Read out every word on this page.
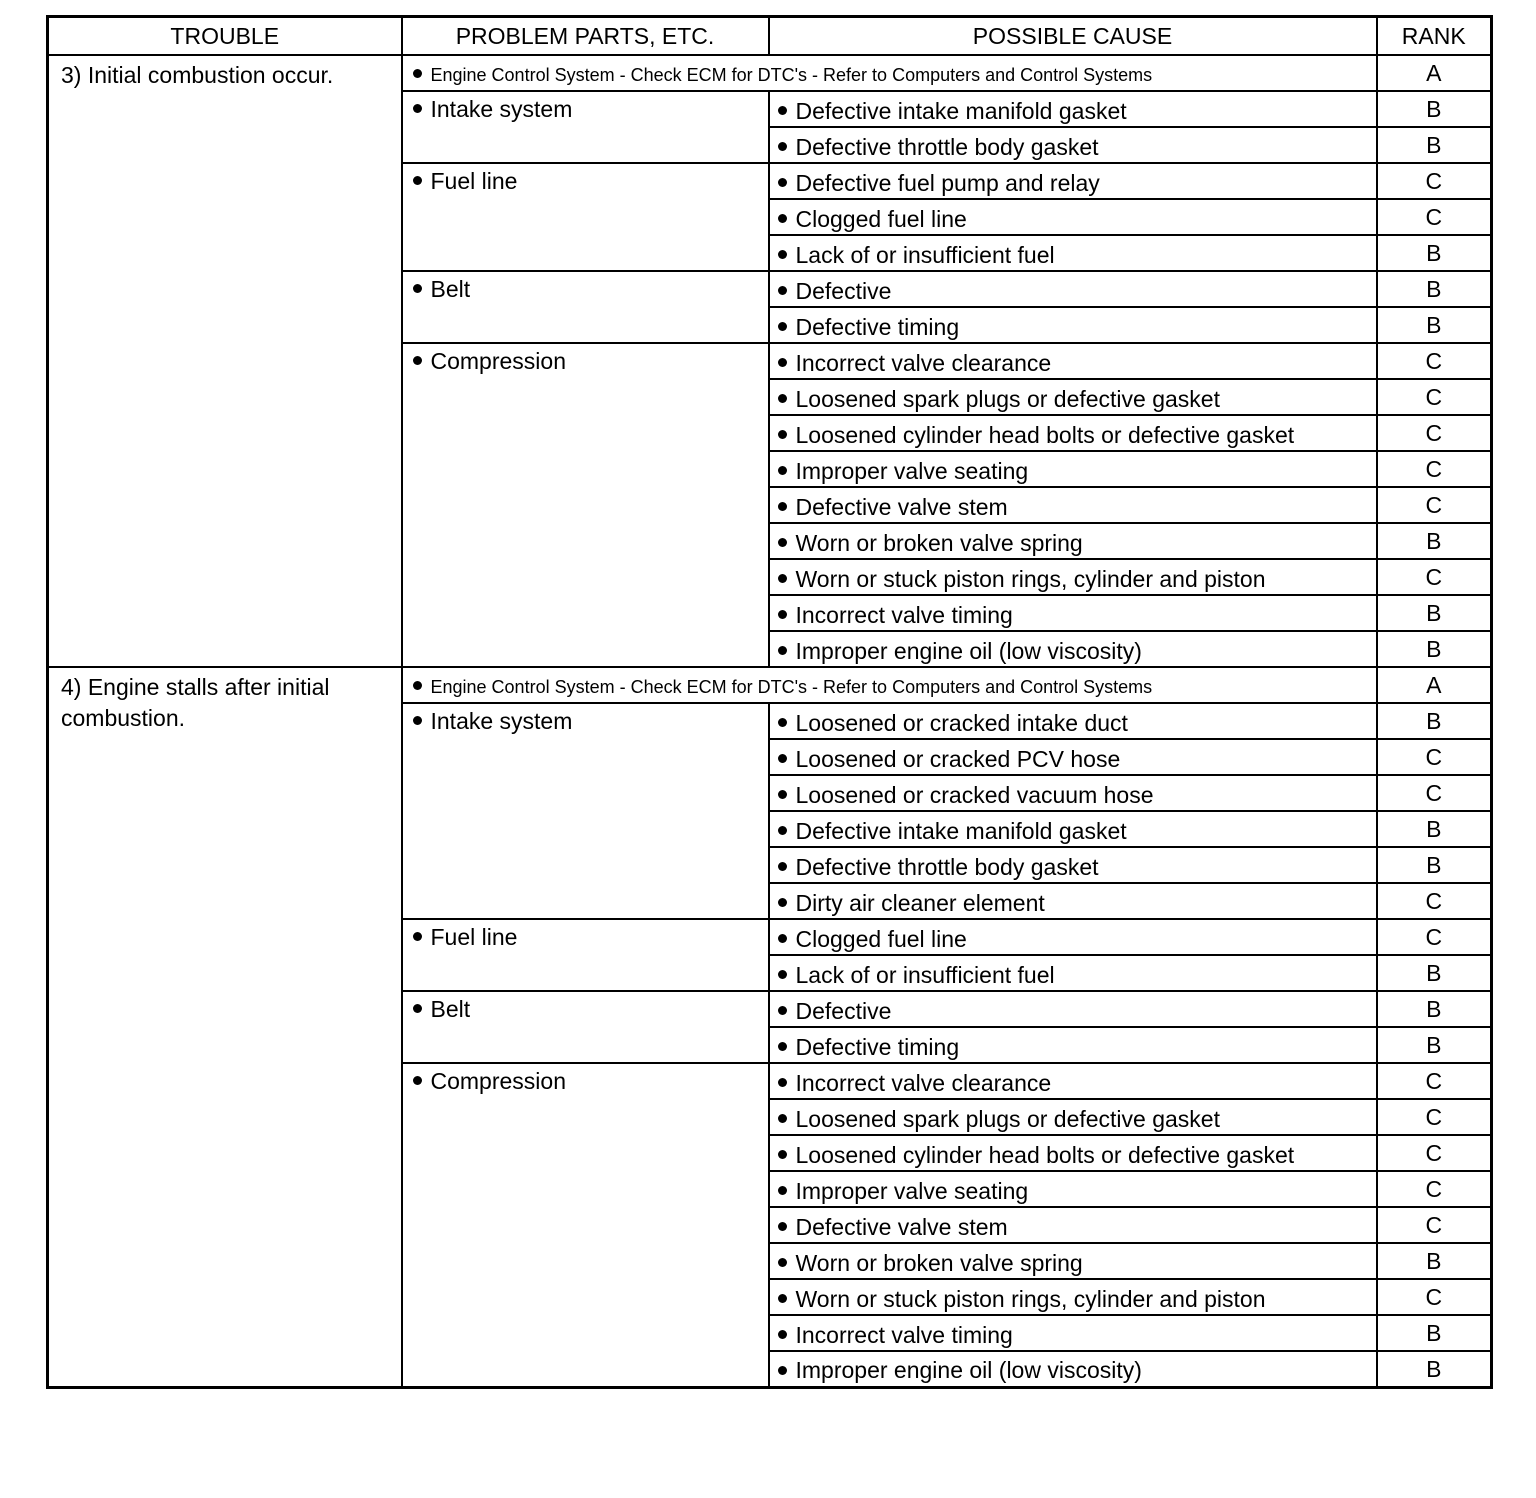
TROUBLE	PROBLEM PARTS, ETC.	POSSIBLE CAUSE	RANK
3) Initial combustion occur.	Engine Control System - Check ECM for DTC's - Refer to Computers and Control Systems		A
	Intake system	Defective intake manifold gasket	B
		Defective throttle body gasket	B
	Fuel line	Defective fuel pump and relay	C
		Clogged fuel line	C
		Lack of or insufficient fuel	B
	Belt	Defective	B
		Defective timing	B
	Compression	Incorrect valve clearance	C
		Loosened spark plugs or defective gasket	C
		Loosened cylinder head bolts or defective gasket	C
		Improper valve seating	C
		Defective valve stem	C
		Worn or broken valve spring	B
		Worn or stuck piston rings, cylinder and piston	C
		Incorrect valve timing	B
		Improper engine oil (low viscosity)	B
4) Engine stalls after initial combustion.	Engine Control System - Check ECM for DTC's - Refer to Computers and Control Systems		A
	Intake system	Loosened or cracked intake duct	B
		Loosened or cracked PCV hose	C
		Loosened or cracked vacuum hose	C
		Defective intake manifold gasket	B
		Defective throttle body gasket	B
		Dirty air cleaner element	C
	Fuel line	Clogged fuel line	C
		Lack of or insufficient fuel	B
	Belt	Defective	B
		Defective timing	B
	Compression	Incorrect valve clearance	C
		Loosened spark plugs or defective gasket	C
		Loosened cylinder head bolts or defective gasket	C
		Improper valve seating	C
		Defective valve stem	C
		Worn or broken valve spring	B
		Worn or stuck piston rings, cylinder and piston	C
		Incorrect valve timing	B
		Improper engine oil (low viscosity)	B
